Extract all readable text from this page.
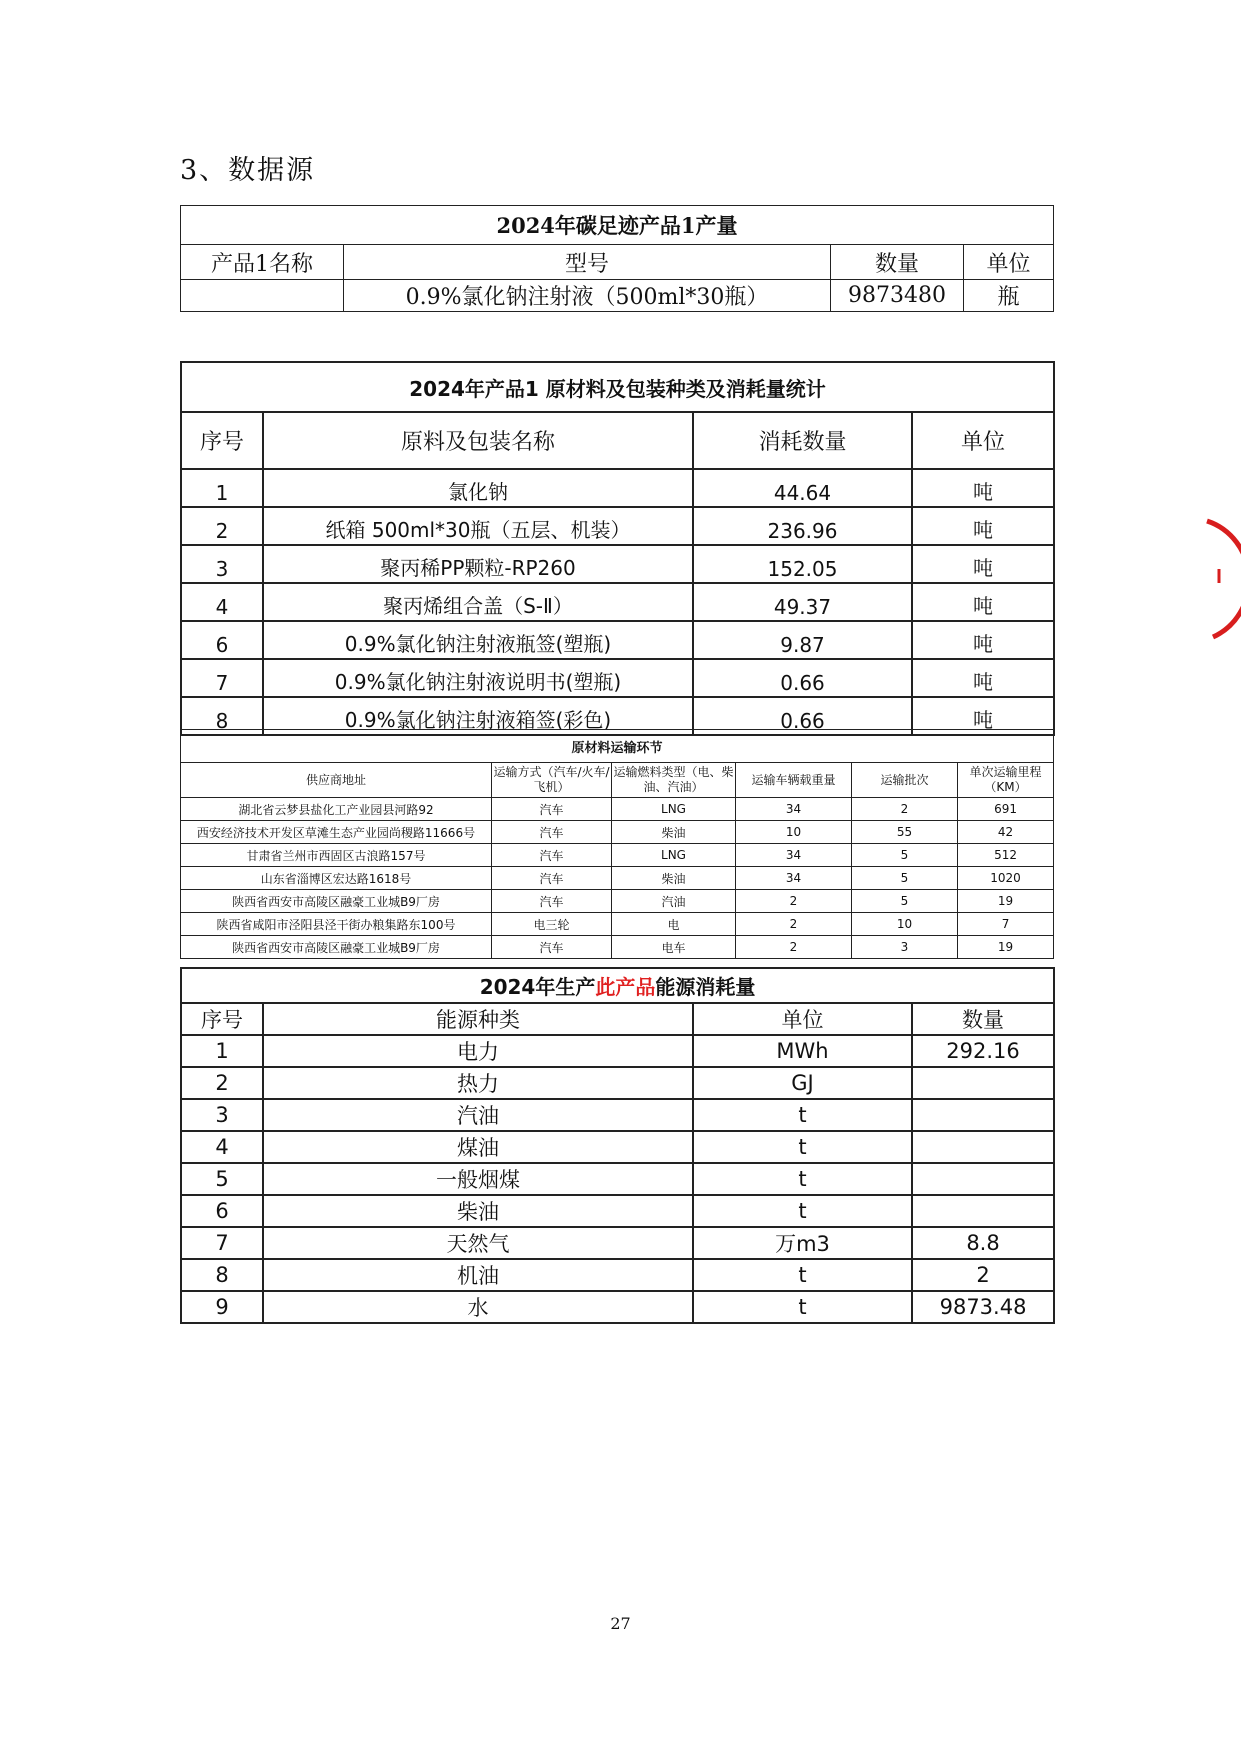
3、数据源
2024年碳足迹产品1产量			
产品1名称	型号	数量	单位
	0.9%氯化钠注射液（500ml*30瓶）	9873480	瓶
2024年产品1 原材料及包装种类及消耗量统计			
序号	原料及包装名称	消耗数量	单位
1	氯化钠	44.64	吨
2	纸箱 500ml*30瓶（五层、机装）	236.96	吨
3	聚丙稀PP颗粒-RP260	152.05	吨
4	聚丙烯组合盖（S-Ⅱ）	49.37	吨
6	0.9%氯化钠注射液瓶签(塑瓶)	9.87	吨
7	0.9%氯化钠注射液说明书(塑瓶)	0.66	吨
8	0.9%氯化钠注射液箱签(彩色)	0.66	吨
原材料运输环节					
供应商地址	运输方式（汽车/火车/飞机）	运输燃料类型（电、柴油、汽油）	运输车辆载重量	运输批次	单次运输里程（KM）
湖北省云梦县盐化工产业园县河路92	汽车	LNG	34	2	691
西安经济技术开发区草滩生态产业园尚稷路11666号	汽车	柴油	10	55	42
甘肃省兰州市西固区古浪路157号	汽车	LNG	34	5	512
山东省淄博区宏达路1618号	汽车	柴油	34	5	1020
陕西省西安市高陵区融豪工业城B9厂房	汽车	汽油	2	5	19
陕西省咸阳市泾阳县泾干街办粮集路东100号	电三轮	电	2	10	7
陕西省西安市高陵区融豪工业城B9厂房	汽车	电车	2	3	19
2024年生产此产品能源消耗量			
序号	能源种类	单位	数量
1	电力	MWh	292.16
2	热力	GJ	
3	汽油	t	
4	煤油	t	
5	一般烟煤	t	
6	柴油	t	
7	天然气	万m3	8.8
8	机油	t	2
9	水	t	9873.48
27
